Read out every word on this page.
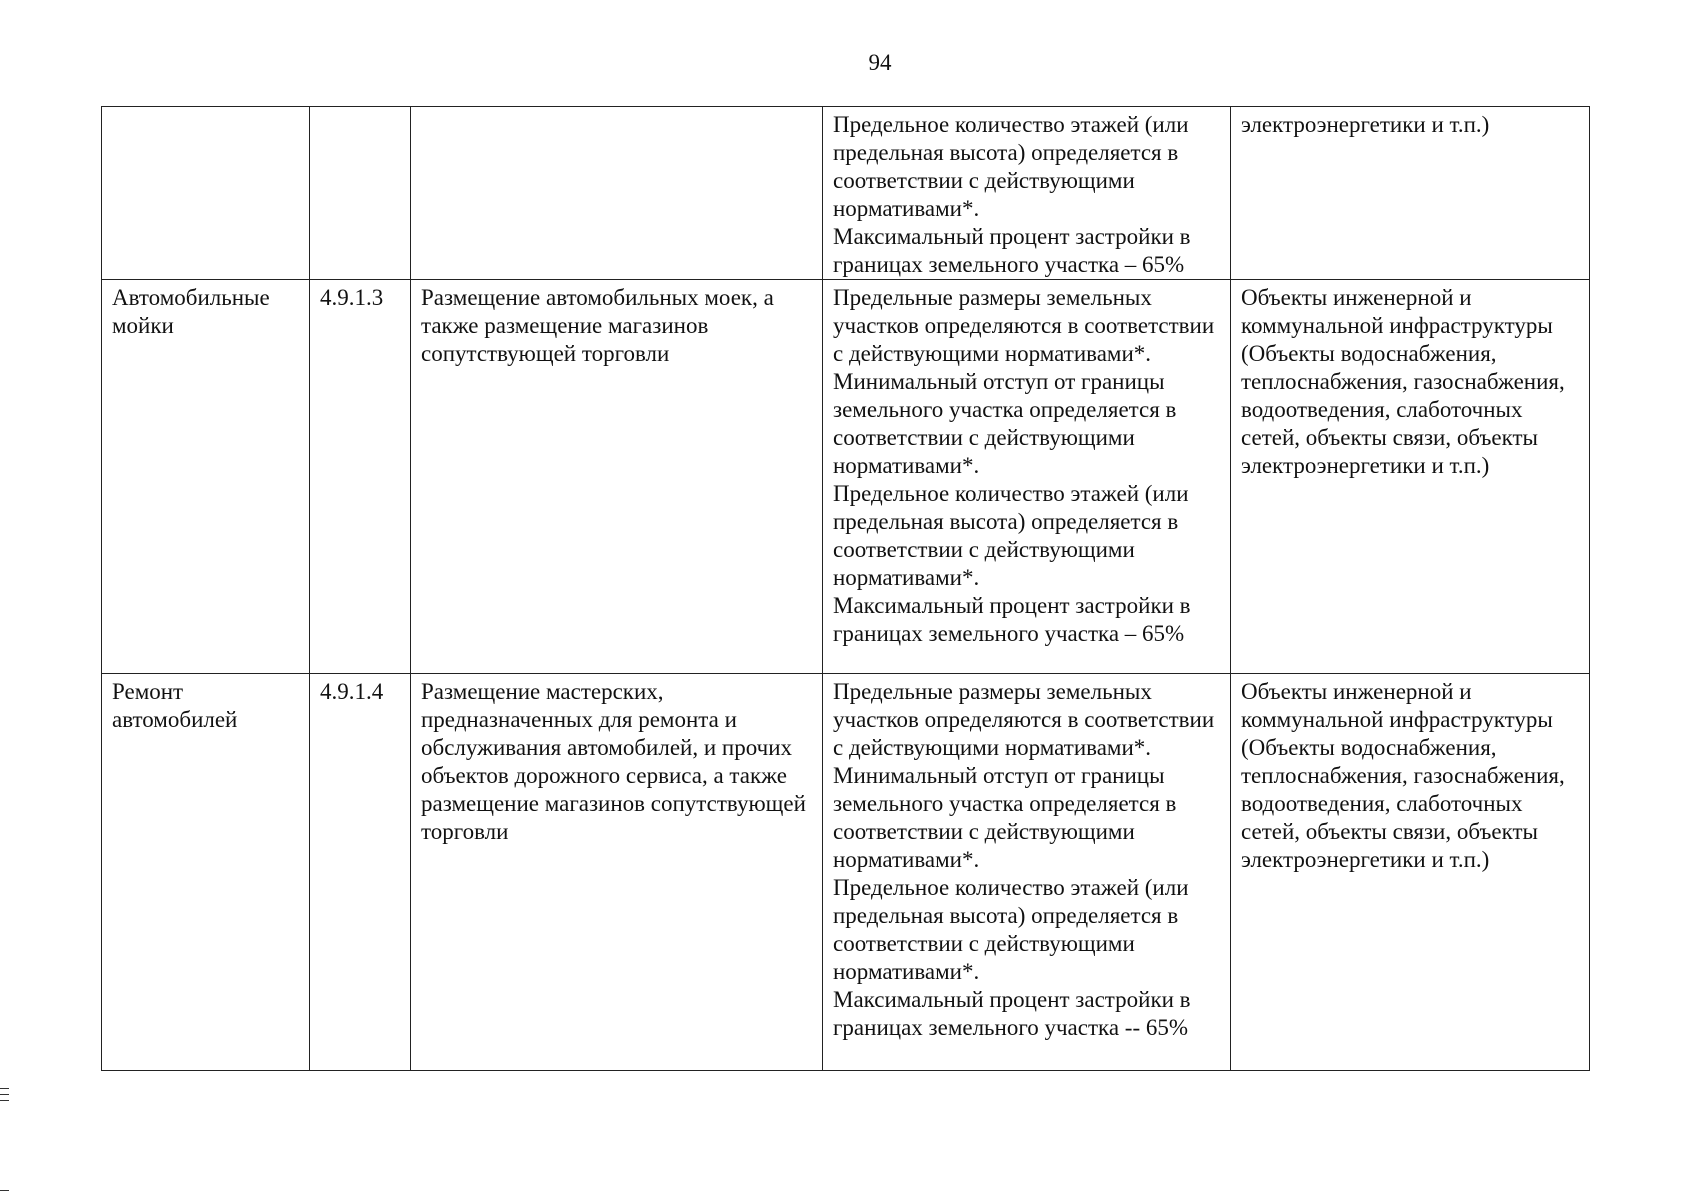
94
			Предельное количество этажей (или предельная высота) определяется в соответствии с действующими нормативами*.
Максимальный процент застройки в границах земельного участка – 65%	электроэнергетики и т.п.)
Автомобильные мойки	4.9.1.3	Размещение автомобильных моек, а также размещение магазинов сопутствующей торговли	Предельные размеры земельных участков определяются в соответствии с действующими нормативами*.
Минимальный отступ от границы земельного участка определяется в соответствии с действующими нормативами*.
Предельное количество этажей (или предельная высота) определяется в соответствии с действующими нормативами*.
Максимальный процент застройки в границах земельного участка – 65%	Объекты инженерной и коммунальной инфраструктуры (Объекты водоснабжения, теплоснабжения, газоснабжения, водоотведения, слаботочных сетей, объекты связи, объекты электроэнергетики и т.п.)
Ремонт автомобилей	4.9.1.4	Размещение мастерских, предназначенных для ремонта и обслуживания автомобилей, и прочих объектов дорожного сервиса, а также размещение магазинов сопутствующей торговли	Предельные размеры земельных участков определяются в соответствии с действующими нормативами*.
Минимальный отступ от границы земельного участка определяется в соответствии с действующими нормативами*.
Предельное количество этажей (или предельная высота) определяется в соответствии с действующими нормативами*.
Максимальный процент застройки в границах земельного участка -- 65%	Объекты инженерной и коммунальной инфраструктуры (Объекты водоснабжения, теплоснабжения, газоснабжения, водоотведения, слаботочных сетей, объекты связи, объекты электроэнергетики и т.п.)
